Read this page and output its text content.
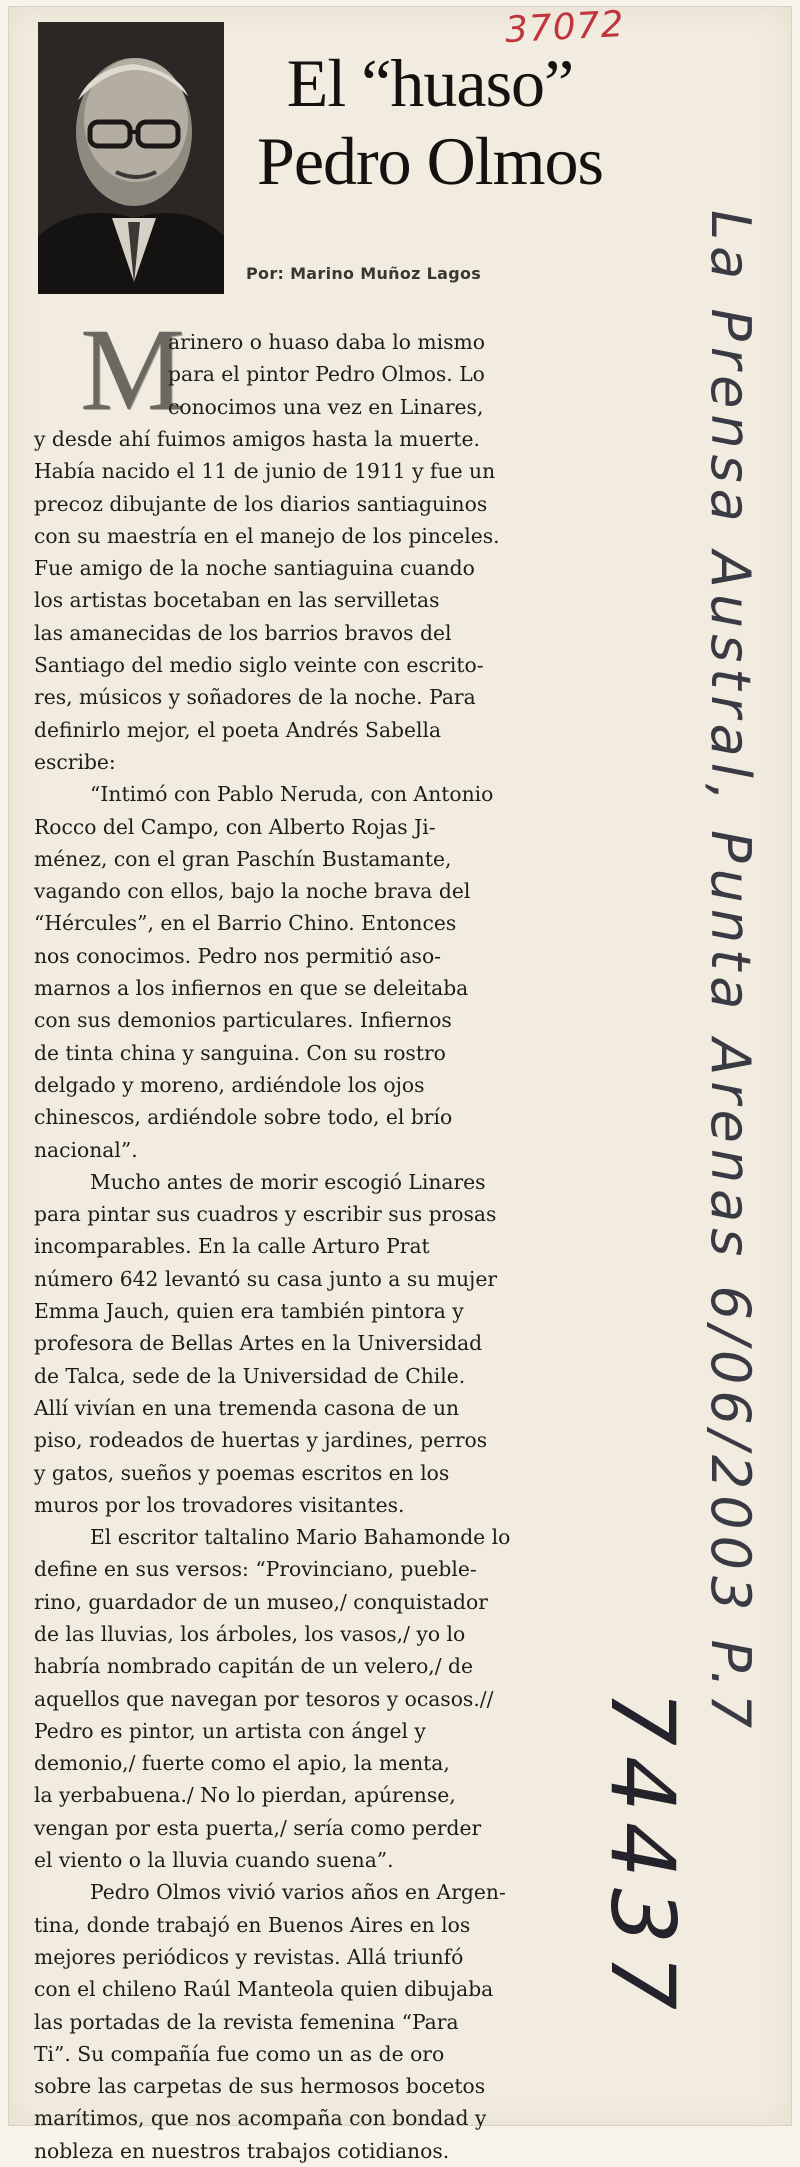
37072
El “huaso”
Pedro Olmos
Por: Marino Muñoz Lagos
M
arinero o huaso daba lo mismo
para el pintor Pedro Olmos. Lo
conocimos una vez en Linares,
y desde ahí fuimos amigos hasta la muerte.
Había nacido el 11 de junio de 1911 y fue un
precoz dibujante de los diarios santiaguinos
con su maestría en el manejo de los pinceles.
Fue amigo de la noche santiaguina cuando
los artistas bocetaban en las servilletas
las amanecidas de los barrios bravos del
Santiago del medio siglo veinte con escrito-
res, músicos y soñadores de la noche. Para
definirlo mejor, el poeta Andrés Sabella
escribe:
“Intimó con Pablo Neruda, con Antonio
Rocco del Campo, con Alberto Rojas Ji-
ménez, con el gran Paschín Bustamante,
vagando con ellos, bajo la noche brava del
“Hércules”, en el Barrio Chino. Entonces
nos conocimos. Pedro nos permitió aso-
marnos a los infiernos en que se deleitaba
con sus demonios particulares. Infiernos
de tinta china y sanguina. Con su rostro
delgado y moreno, ardiéndole los ojos
chinescos, ardiéndole sobre todo, el brío
nacional”.
Mucho antes de morir escogió Linares
para pintar sus cuadros y escribir sus prosas
incomparables. En la calle Arturo Prat
número 642 levantó su casa junto a su mujer
Emma Jauch, quien era también pintora y
profesora de Bellas Artes en la Universidad
de Talca, sede de la Universidad de Chile.
Allí vivían en una tremenda casona de un
piso, rodeados de huertas y jardines, perros
y gatos, sueños y poemas escritos en los
muros por los trovadores visitantes.
El escritor taltalino Mario Bahamonde lo
define en sus versos: “Provinciano, pueble-
rino, guardador de un museo,/ conquistador
de las lluvias, los árboles, los vasos,/ yo lo
habría nombrado capitán de un velero,/ de
aquellos que navegan por tesoros y ocasos.//
Pedro es pintor, un artista con ángel y
demonio,/ fuerte como el apio, la menta,
la yerbabuena./ No lo pierdan, apúrense,
vengan por esta puerta,/ sería como perder
el viento o la lluvia cuando suena”.
Pedro Olmos vivió varios años en Argen-
tina, donde trabajó en Buenos Aires en los
mejores periódicos y revistas. Allá triunfó
con el chileno Raúl Manteola quien dibujaba
las portadas de la revista femenina “Para
Ti”. Su compañía fue como un as de oro
sobre las carpetas de sus hermosos bocetos
marítimos, que nos acompaña con bondad y
nobleza en nuestros trabajos cotidianos.
La Prensa Austral, Punta Arenas 6/06/2003 P.7
74437
